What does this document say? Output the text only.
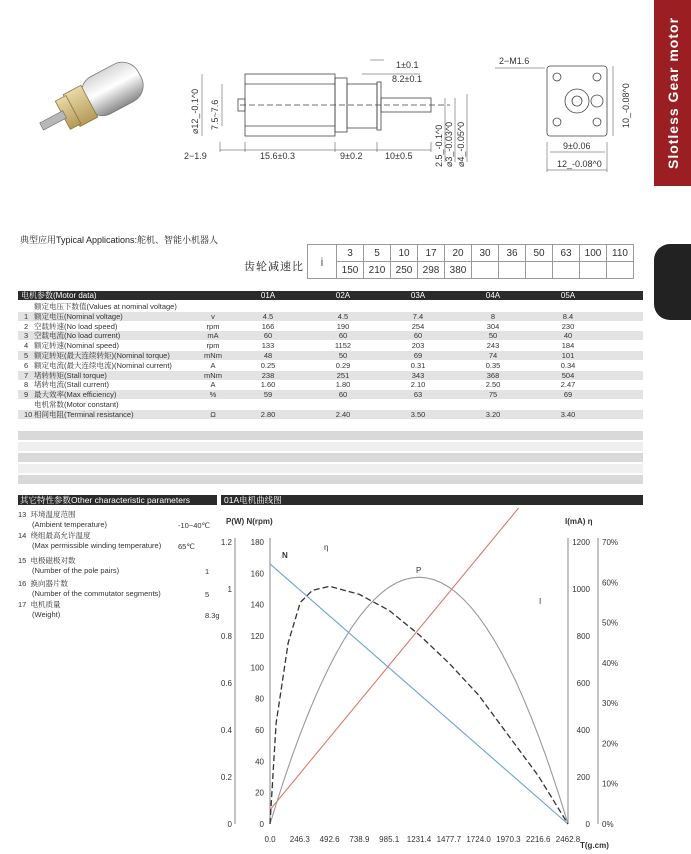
Slotless Gear motor
2−1.9	15.6±0.3	9±0.2	10±0.5
1±0.1
8.2±0.1
⌀12_-0.1^0 7.5~7.6
2.5_-0.1^0 ⌀3_-0.03^0 ⌀4_-0.05^0
2−M1.6
10_-0.08^0
9±0.06
12_-0.08^0
典型应用Typical Applications:舵机、智能小机器人
齿轮减速比 i	3	5	10	17	20	30	36	50	63	100	110
	150	210	250	298	380						
电机参数(Motor data)	01A	02A	03A	04A	05A
额定电压下数值(Values at nominal voltage)
1 额定电压(Nominal voltage)	v	4.5	4.5	7.4	8	8.4
2 空载转速(No load speed)	rpm	166	190	254	304	230
3 空载电流(No load current)	mA	60	60	60	50	40
4 额定转速(Nominal speed)	rpm	133	1152	203	243	184
5 额定转矩(最大连续转矩)(Nominal torque)	mNm	48	50	69	74	101
6 额定电流(最大连续电流)(Nominal current)	A	0.25	0.29	0.31	0.35	0.34
7 堵转转矩(Stall torque)	mNm	238	251	343	368	504
8 堵转电流(Stall current)	A	1.60	1.80	2.10	2.50	2.47
9 最大效率(Max efficiency)	%	59	60	63	75	69
电机常数(Motor constant)
10 相间电阻(Terminal resistance)	Ω	2.80	2.40	3.50	3.20	3.40
其它特性参数Other characteristic parameters	01A电机曲线图
13 环境温度范围
(Ambient temperature)	-10~40℃
14 绕组最高允许温度
(Max permissible winding temperature) 65℃
15 电极磁极对数
(Number of the pole pairs)	1
16 换向器片数
(Number of the commutator segments)	5
17 电机质量
(Weight)	8.3g
P(W) N(rpm)	I(mA) η
T(g.cm)
0
0.2
0.4
0.6
0.8
1
1.2
0
20
40
60
80
100
120
140
160
180
0
200
400
600
800
1000
1200
0%
10%
20%
30%
40%
50%
60%
70%
0.0 246.3 492.6 738.9 985.1 1231.4 1477.7 1724.0 1970.3 2216.6 2462.8
N
I
P
η
